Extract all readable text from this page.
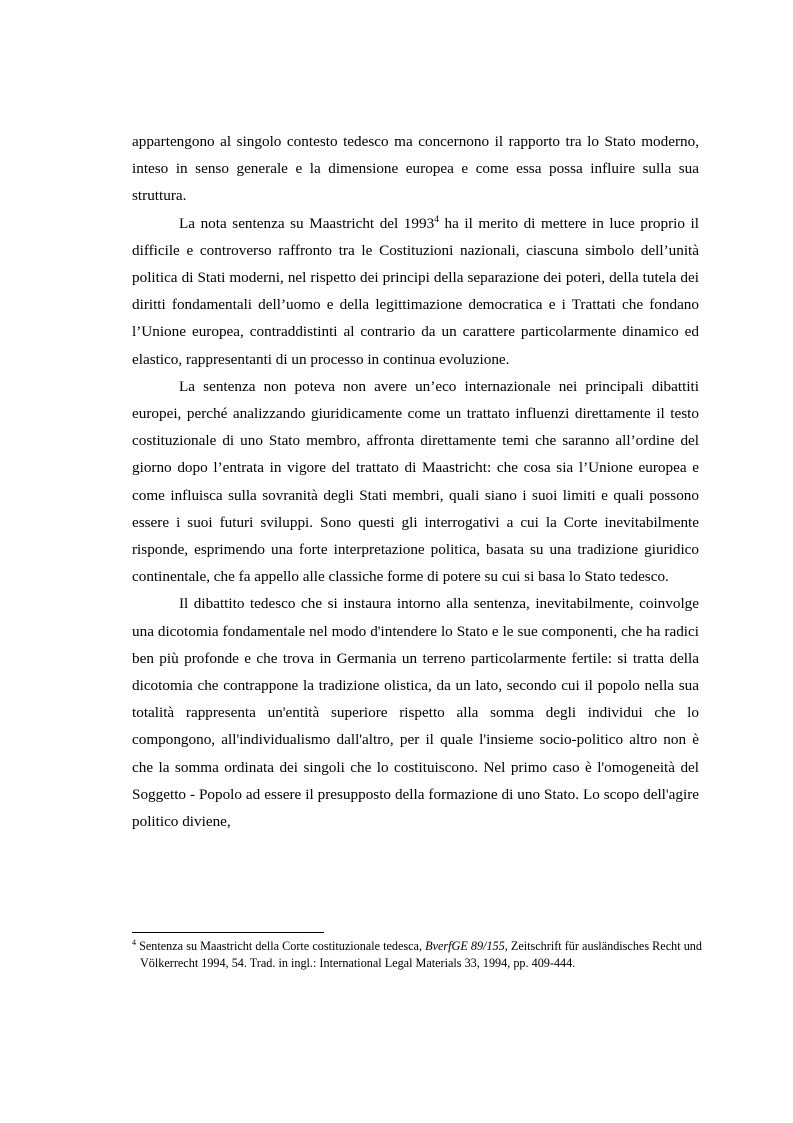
appartengono al singolo contesto tedesco ma concernono il rapporto tra lo Stato moderno, inteso in senso generale e la dimensione europea e come essa possa influire sulla sua struttura.

La nota sentenza su Maastricht del 1993$^4$ ha il merito di mettere in luce proprio il difficile e controverso raffronto tra le Costituzioni nazionali, ciascuna simbolo dell’unità politica di Stati moderni, nel rispetto dei principi della separazione dei poteri, della tutela dei diritti fondamentali dell’uomo e della legittimazione democratica e i Trattati che fondano l’Unione europea, contraddistinti al contrario da un carattere particolarmente dinamico ed elastico, rappresentanti di un processo in continua evoluzione.

La sentenza non poteva non avere un’eco internazionale nei principali dibattiti europei, perché analizzando giuridicamente come un trattato influenzi direttamente il testo costituzionale di uno Stato membro, affronta direttamente temi che saranno all’ordine del giorno dopo l’entrata in vigore del trattato di Maastricht: che cosa sia l’Unione europea e come influisca sulla sovranità degli Stati membri, quali siano i suoi limiti e quali possono essere i suoi futuri sviluppi. Sono questi gli interrogativi a cui la Corte inevitabilmente risponde, esprimendo una forte interpretazione politica, basata su una tradizione giuridico continentale, che fa appello alle classiche forme di potere su cui si basa lo Stato tedesco.

Il dibattito tedesco che si instaura intorno alla sentenza, inevitabilmente, coinvolge una dicotomia fondamentale nel modo d'intendere lo Stato e le sue componenti, che ha radici ben più profonde e che trova in Germania un terreno particolarmente fertile: si tratta della dicotomia che contrappone la tradizione olistica, da un lato, secondo cui il popolo nella sua totalità rappresenta un'entità superiore rispetto alla somma degli individui che lo compongono, all'individualismo dall'altro, per il quale l'insieme socio-politico altro non è che la somma ordinata dei singoli che lo costituiscono. Nel primo caso è l'omogeneità del Soggetto - Popolo ad essere il presupposto della formazione di uno Stato. Lo scopo dell'agire politico diviene,

$^4$ Sentenza su Maastricht della Corte costituzionale tedesca, BverfGE 89/155, Zeitschrift für ausländisches Recht und Völkerrecht 1994, 54. Trad. in ingl.: International Legal Materials 33, 1994, pp. 409-444.
